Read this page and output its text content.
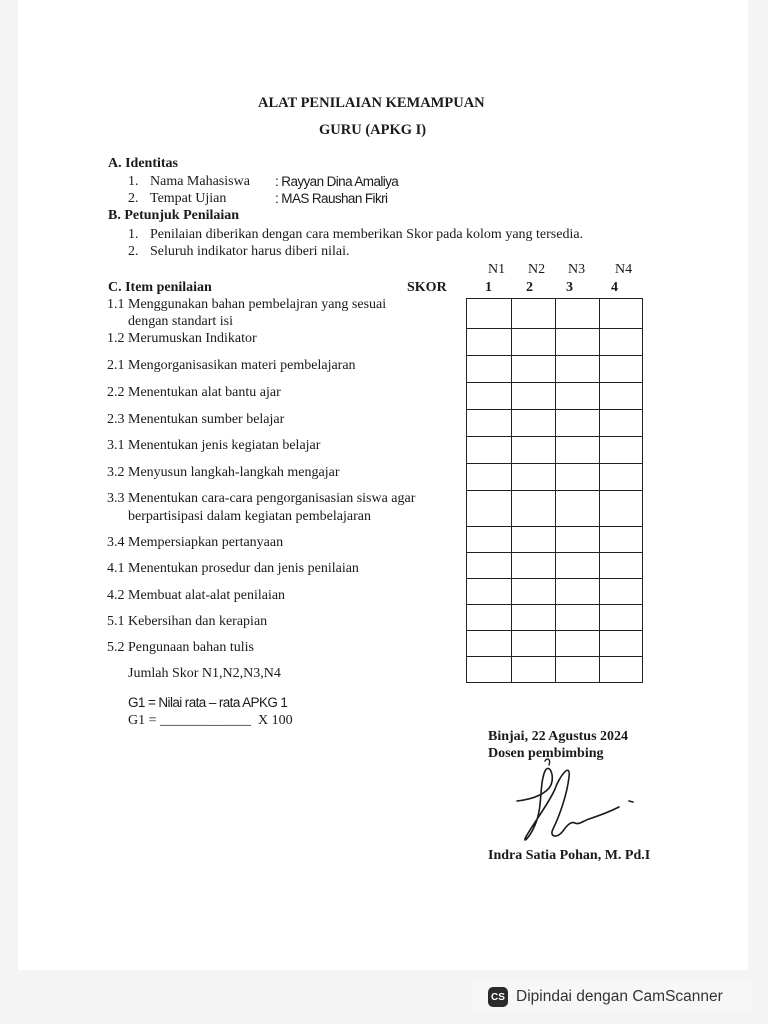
ALAT PENILAIAN KEMAMPUAN
GURU (APKG I)
A. Identitas
1. Nama Mahasiswa : Rayyan Dina Amaliya
2. Tempat Ujian	: MAS Raushan Fikri
B. Petunjuk Penilaian
1. Penilaian diberikan dengan cara memberikan Skor pada kolom yang tersedia.
2. Seluruh indikator harus diberi nilai.
N1 N2 N3 N4
C. Item penilaian	SKOR	1 2 3	4
1.1 Menggunakan bahan pembelajran yang sesuai
dengan standart isi
1.2 Merumuskan Indikator
2.1 Mengorganisasikan materi pembelajaran
2.2 Menentukan alat bantu ajar
2.3 Menentukan sumber belajar
3.1 Menentukan jenis kegiatan belajar
3.2 Menyusun langkah-langkah mengajar
3.3 Menentukan cara-cara pengorganisasian siswa agar
berpartisipasi dalam kegiatan pembelajaran
3.4 Mempersiapkan pertanyaan
4.1 Menentukan prosedur dan jenis penilaian
4.2 Membuat alat-alat penilaian
5.1 Kebersihan dan kerapian
5.2 Pengunaan bahan tulis
Jumlah Skor N1,N2,N3,N4

G1 = Nilai rata – rata APKG 1
G1 = _____________  X 100
Binjai, 22 Agustus 2024
Dosen pembimbing
Indra Satia Pohan, M. Pd.I
CS Dipindai dengan CamScanner
